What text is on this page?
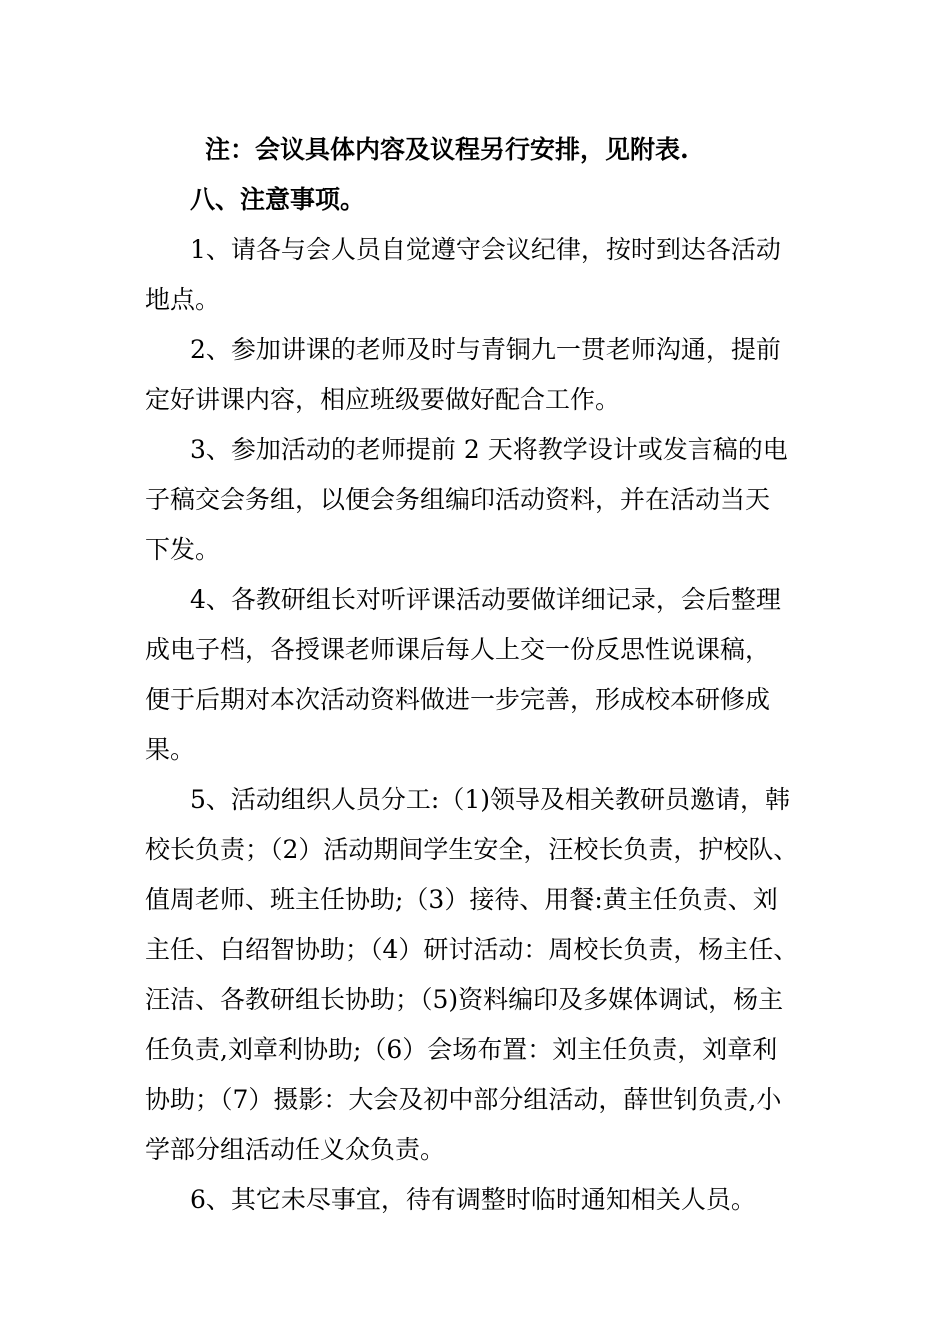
注：会议具体内容及议程另行安排，见附表.
八、注意事项。
1、请各与会人员自觉遵守会议纪律，按时到达各活动
地点。
2、参加讲课的老师及时与青铜九一贯老师沟通，提前
定好讲课内容，相应班级要做好配合工作。
3、参加活动的老师提前 2 天将教学设计或发言稿的电
子稿交会务组，以便会务组编印活动资料，并在活动当天
下发。
4、各教研组长对听评课活动要做详细记录，会后整理
成电子档，各授课老师课后每人上交一份反思性说课稿，
便于后期对本次活动资料做进一步完善，形成校本研修成
果。
5、活动组织人员分工:（1)领导及相关教研员邀请，韩
校长负责；（2）活动期间学生安全，汪校长负责，护校队、
值周老师、班主任协助;（3）接待、用餐:黄主任负责、刘
主任、白绍智协助；（4）研讨活动：周校长负责，杨主任、
汪洁、各教研组长协助；（5)资料编印及多媒体调试，杨主
任负责,刘章利协助;（6）会场布置：刘主任负责，刘章利
协助；（7）摄影：大会及初中部分组活动，薛世钊负责,小
学部分组活动任义众负责。
6、其它未尽事宜，待有调整时临时通知相关人员。
